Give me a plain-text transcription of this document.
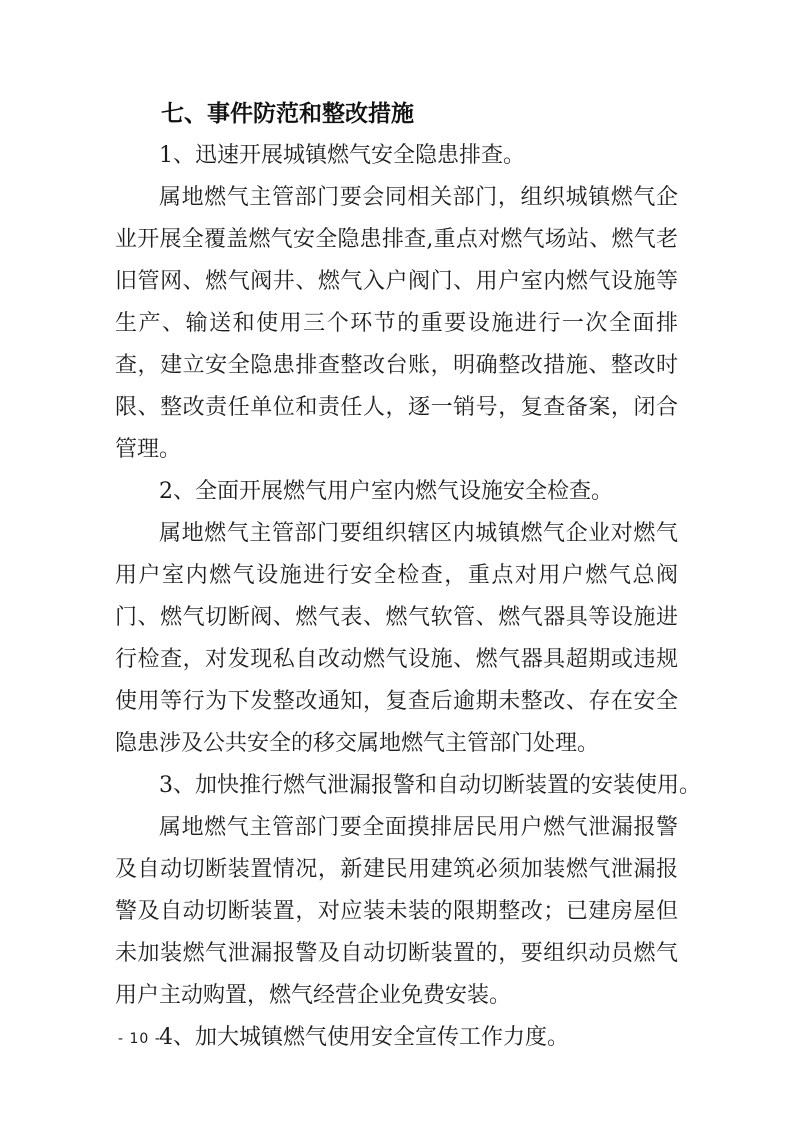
七、事件防范和整改措施

1、迅速开展城镇燃气安全隐患排查。

属地燃气主管部门要会同相关部门，组织城镇燃气企业开展全覆盖燃气安全隐患排查,重点对燃气场站、燃气老旧管网、燃气阀井、燃气入户阀门、用户室内燃气设施等生产、输送和使用三个环节的重要设施进行一次全面排查，建立安全隐患排查整改台账，明确整改措施、整改时限、整改责任单位和责任人，逐一销号，复查备案，闭合管理。

2、全面开展燃气用户室内燃气设施安全检查。

属地燃气主管部门要组织辖区内城镇燃气企业对燃气用户室内燃气设施进行安全检查，重点对用户燃气总阀门、燃气切断阀、燃气表、燃气软管、燃气器具等设施进行检查，对发现私自改动燃气设施、燃气器具超期或违规使用等行为下发整改通知，复查后逾期未整改、存在安全隐患涉及公共安全的移交属地燃气主管部门处理。

3、加快推行燃气泄漏报警和自动切断装置的安装使用。

属地燃气主管部门要全面摸排居民用户燃气泄漏报警及自动切断装置情况，新建民用建筑必须加装燃气泄漏报警及自动切断装置，对应装未装的限期整改；已建房屋但未加装燃气泄漏报警及自动切断装置的，要组织动员燃气用户主动购置，燃气经营企业免费安装。

4、加大城镇燃气使用安全宣传工作力度。

- 10 -
